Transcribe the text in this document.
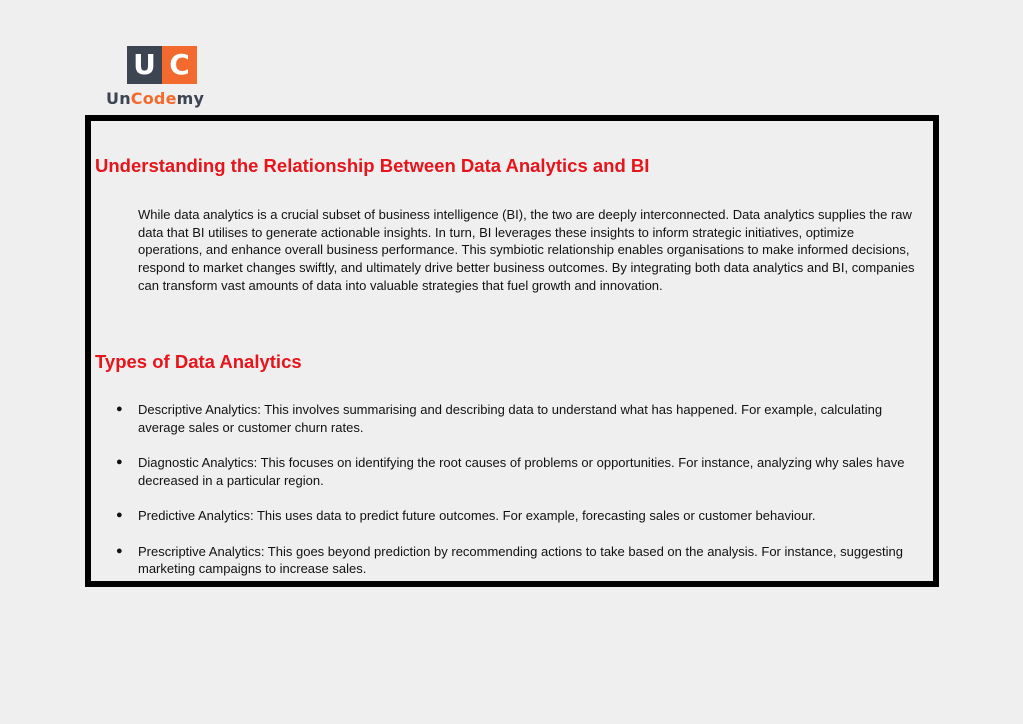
U C
UnCodemy
Understanding the Relationship Between Data Analytics and BI

While data analytics is a crucial subset of business intelligence (BI), the two are deeply interconnected. Data analytics supplies the raw data that BI utilises to generate actionable insights. In turn, BI leverages these insights to inform strategic initiatives, optimize operations, and enhance overall business performance. This symbiotic relationship enables organisations to make informed decisions, respond to market changes swiftly, and ultimately drive better business outcomes. By integrating both data analytics and BI, companies can transform vast amounts of data into valuable strategies that fuel growth and innovation.

Types of Data Analytics
● Descriptive Analytics: This involves summarising and describing data to understand what has happened. For example, calculating average sales or customer churn rates.
● Diagnostic Analytics: This focuses on identifying the root causes of problems or opportunities. For instance, analyzing why sales have decreased in a particular region.
● Predictive Analytics: This uses data to predict future outcomes. For example, forecasting sales or customer behaviour.
● Prescriptive Analytics: This goes beyond prediction by recommending actions to take based on the analysis. For instance, suggesting marketing campaigns to increase sales.
